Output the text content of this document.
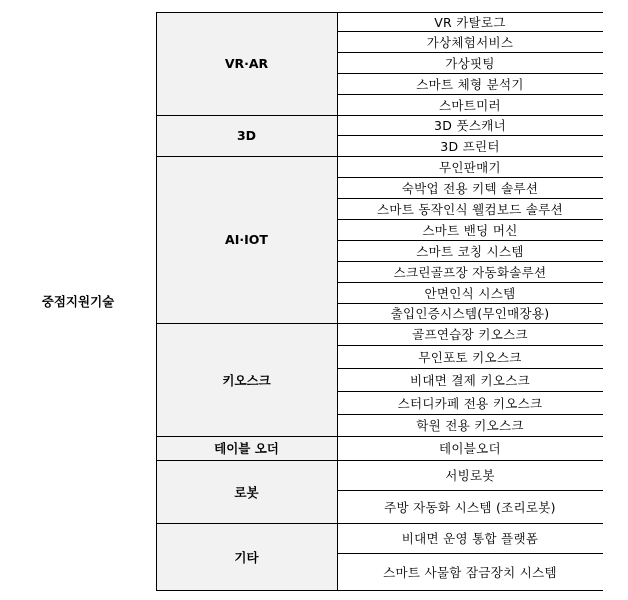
중점지원기술
VR·AR
VR 카탈로그
가상체험서비스
가상핏팅
스마트 체형 분석기
스마트미러
3D
3D 풋스캐너
3D 프린터
AI·IOT
무인판매기
숙박업 전용 키텍 솔루션
스마트 동작인식 웰컴보드 솔루션
스마트 밴딩 머신
스마트 코칭 시스템
스크린골프장 자동화솔루션
안면인식 시스템
출입인증시스템(무인매장용)
키오스크
골프연습장 키오스크
무인포토 키오스크
비대면 결제 키오스크
스터디카페 전용 키오스크
학원 전용 키오스크
테이블 오더	테이블오더
로봇
서빙로봇
주방 자동화 시스템 (조리로봇)
기타
비대면 운영 통합 플랫폼
스마트 사물함 잠금장치 시스템
